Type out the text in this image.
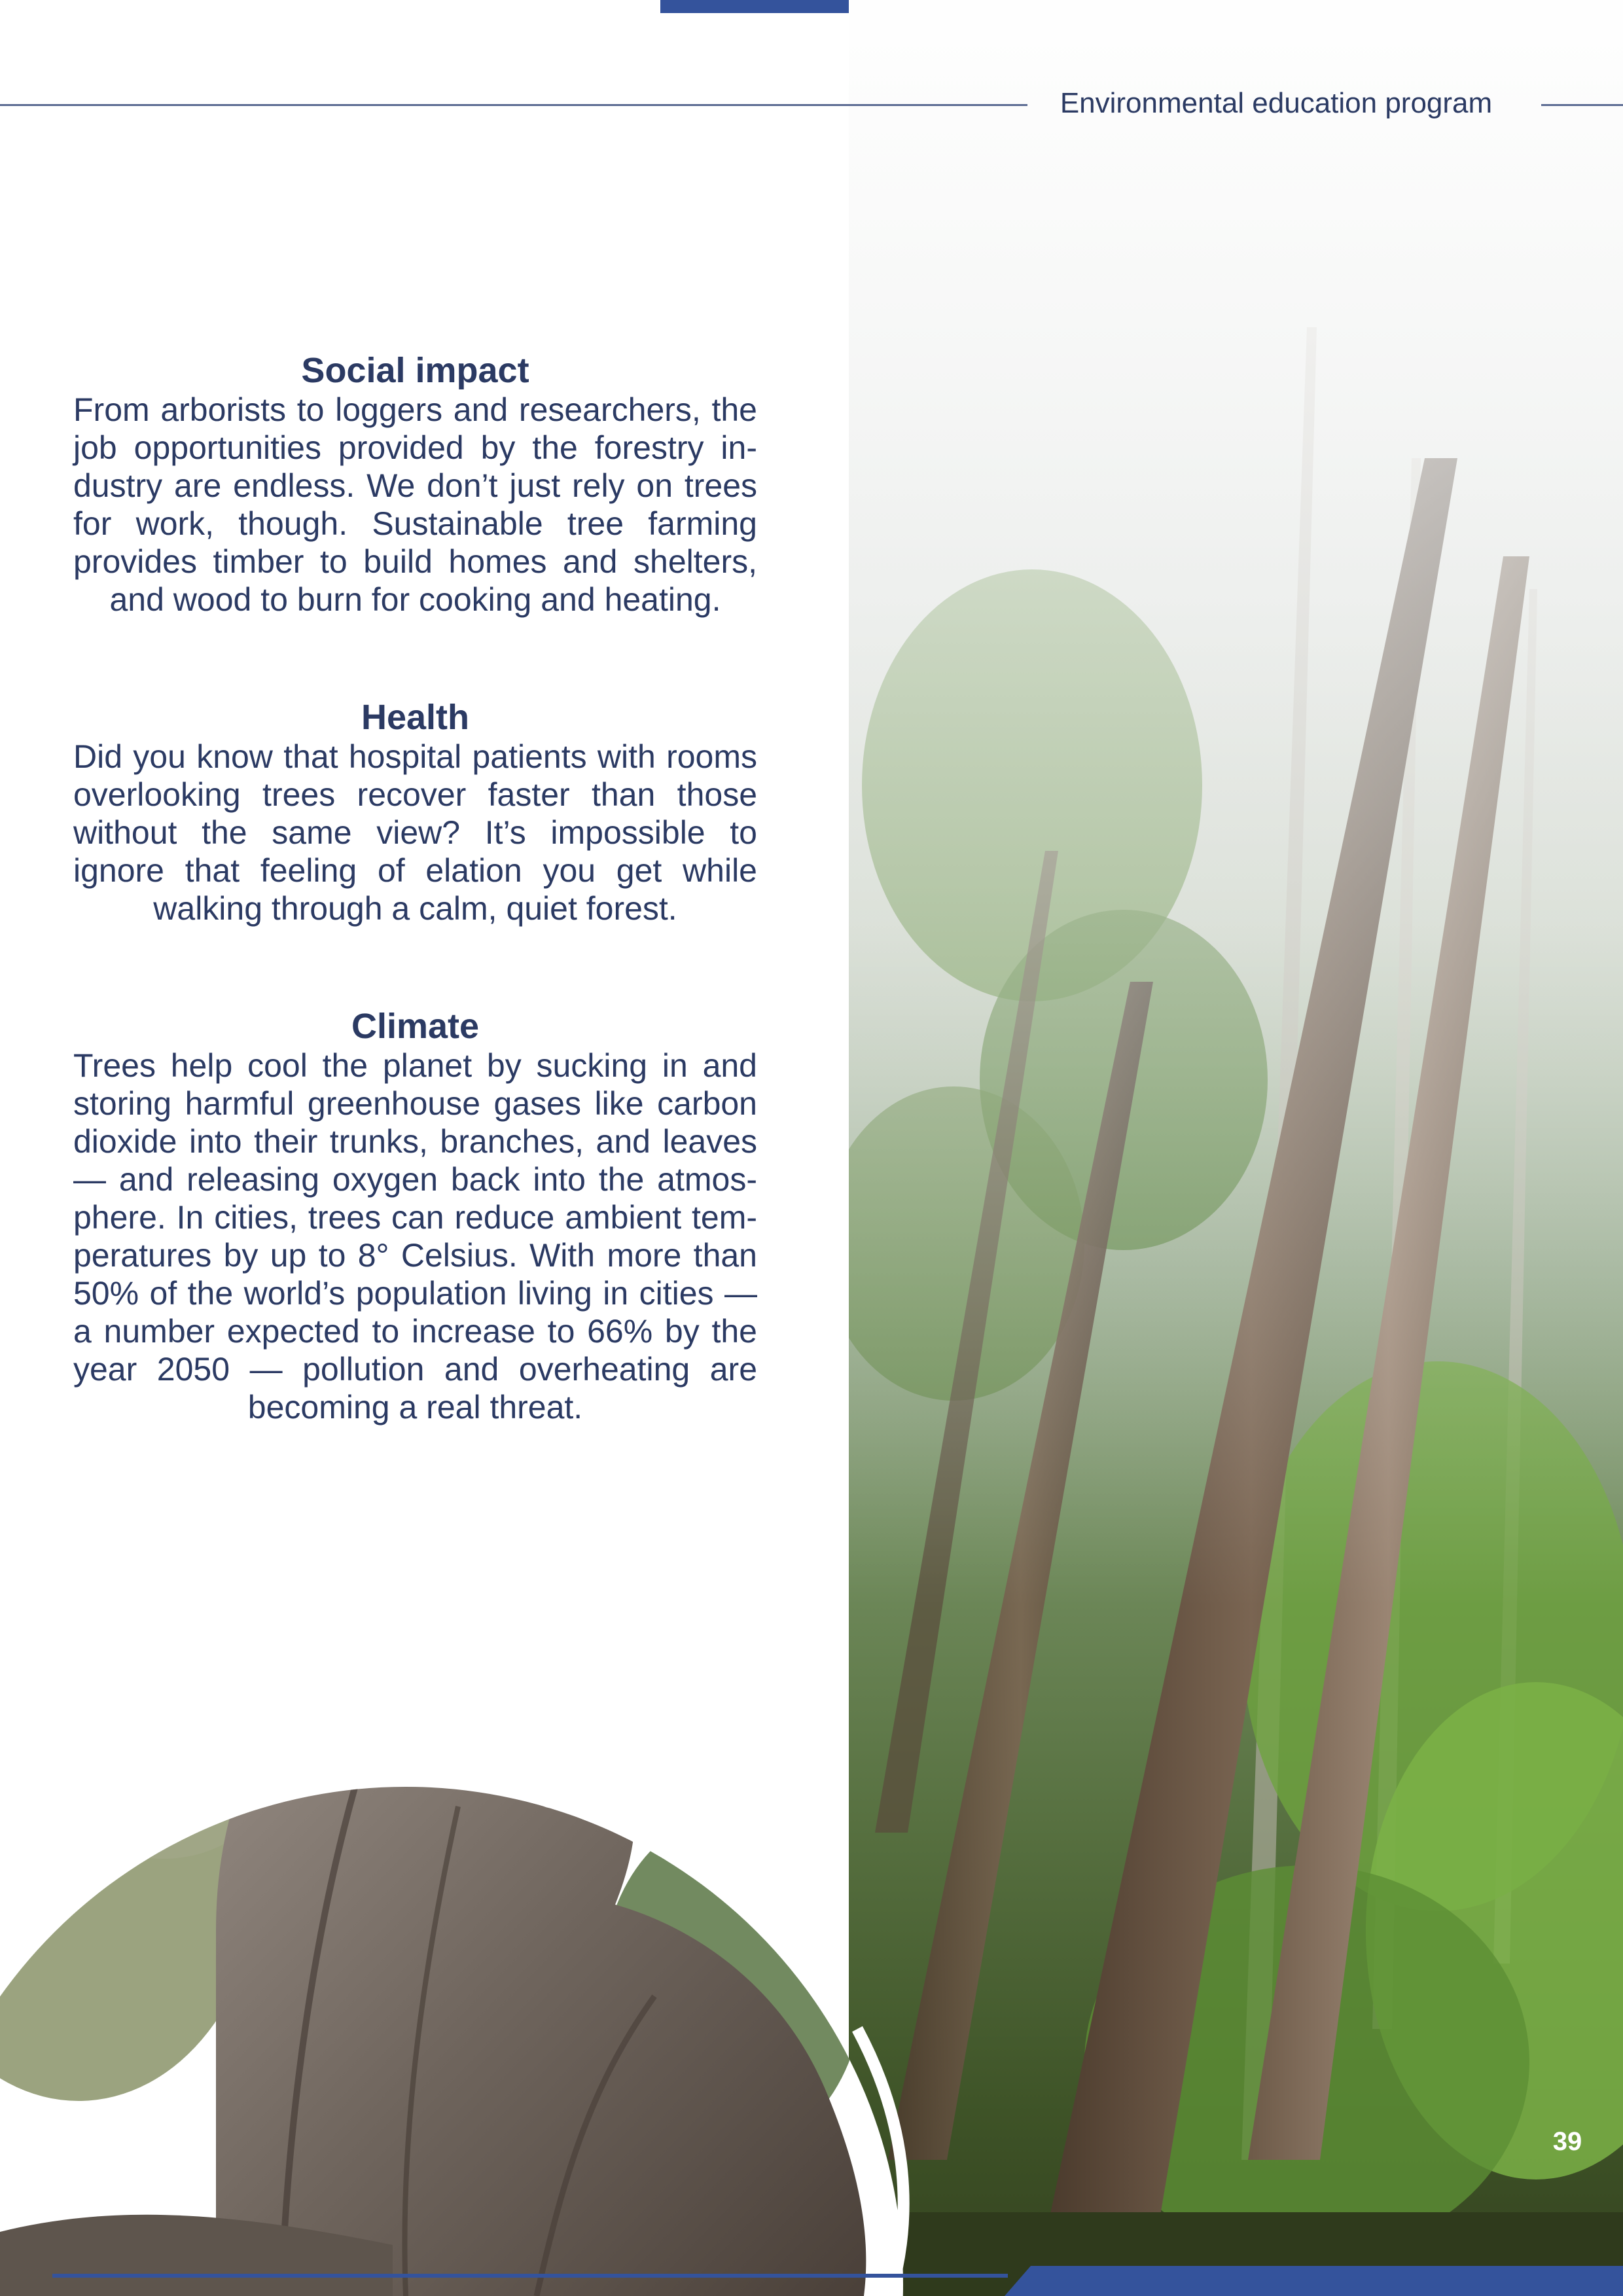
Environmental education program
Social impact

From arborists to loggers and researchers, the job opportunities provided by the forestry industry are endless. We don’t just rely on trees for work, though. Sustainable tree farming provides timber to build homes and shelters, and wood to burn for cooking and heating.

Health

Did you know that hospital patients with rooms overlooking trees recover faster than those without the same view? It’s impossible to ignore that feeling of elation you get while walking through a calm, quiet forest.

Climate

Trees help cool the planet by sucking in and storing harmful greenhouse gases like carbon dioxide into their trunks, branches, and leaves — and releasing oxygen back into the atmosphere. In cities, trees can reduce ambient temperatures by up to 8° Celsius. With more than 50% of the world’s population living in cities — a number expected to increase to 66% by the year 2050 — pollution and overheating are becoming a real threat.

39
